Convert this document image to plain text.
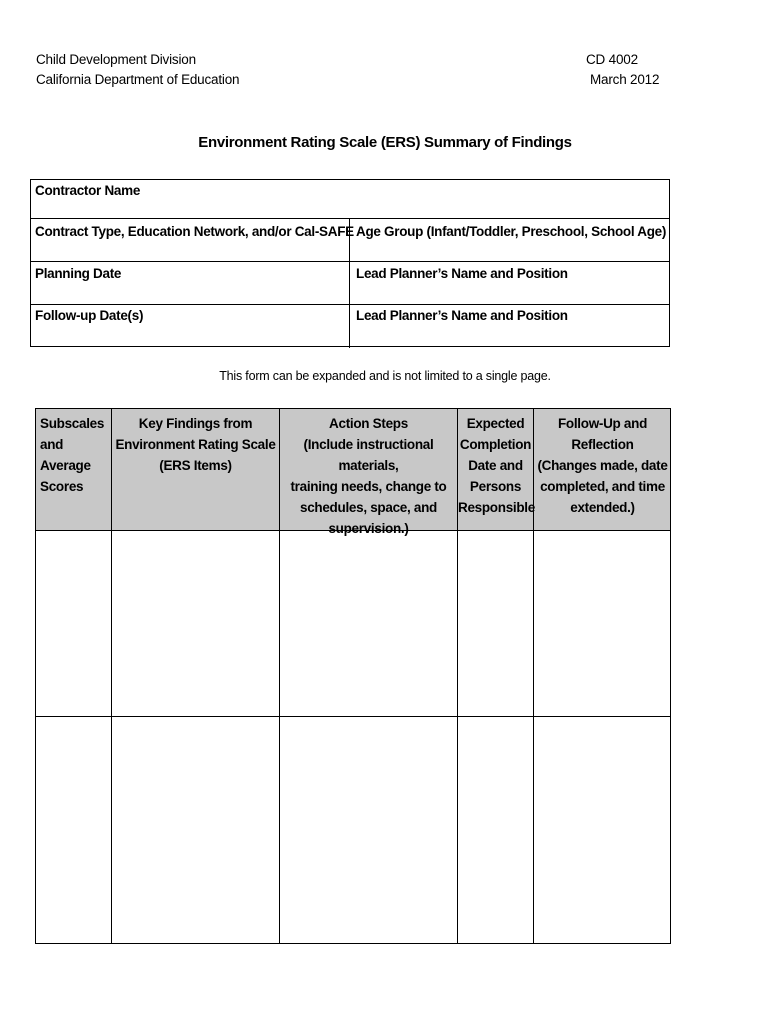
Child Development Division
California Department of Education
CD 4002
March 2012
Environment Rating Scale (ERS) Summary of Findings
Contractor Name
Contract Type, Education Network, and/or Cal-SAFE Age Group (Infant/Toddler, Preschool, School Age)
Planning Date	Lead Planner’s Name and Position
Follow-up Date(s)	Lead Planner’s Name and Position
This form can be expanded and is not limited to a single page.
Subscales
and Average
Scores
Key Findings from
Environment Rating Scale
(ERS Items)
Action Steps
(Include instructional materials,
training needs, change to
schedules, space, and
supervision.)
Expected
Completion
Date and
Persons
Responsible
Follow-Up and
Reflection
(Changes made, date
completed, and time
extended.)
